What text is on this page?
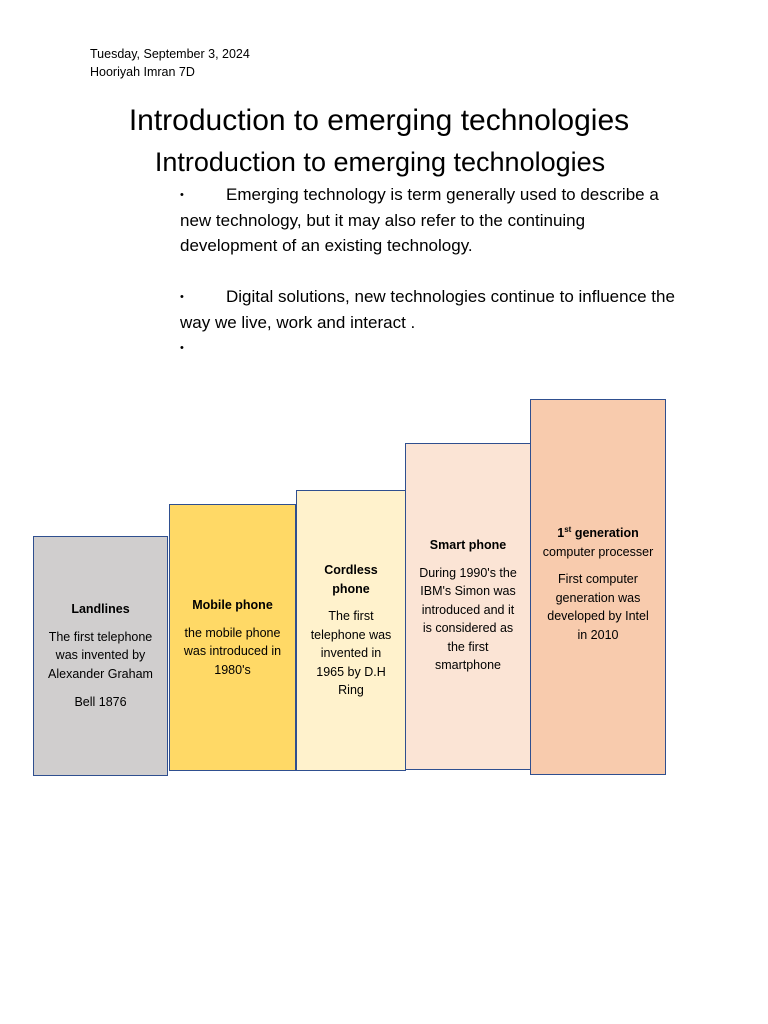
Tuesday, September 3, 2024
Hooriyah Imran 7D
Introduction to emerging technologies
Introduction to emerging technologies
• Emerging technology is term generally used to describe a new technology, but it may also refer to the continuing development of an existing technology.
• Digital solutions, new technologies continue to influence the way we live, work and interact .
•
Landlines

The first telephone was invented by Alexander Graham

Bell 1876

Mobile phone

the mobile phone was introduced in 1980's

Cordless phone

The first telephone was invented in 1965 by D.H Ring

Smart phone

During 1990's the IBM's Simon was introduced and it is considered as the first smartphone

1st generation
computer processer

First computer generation was developed by Intel in 2010
